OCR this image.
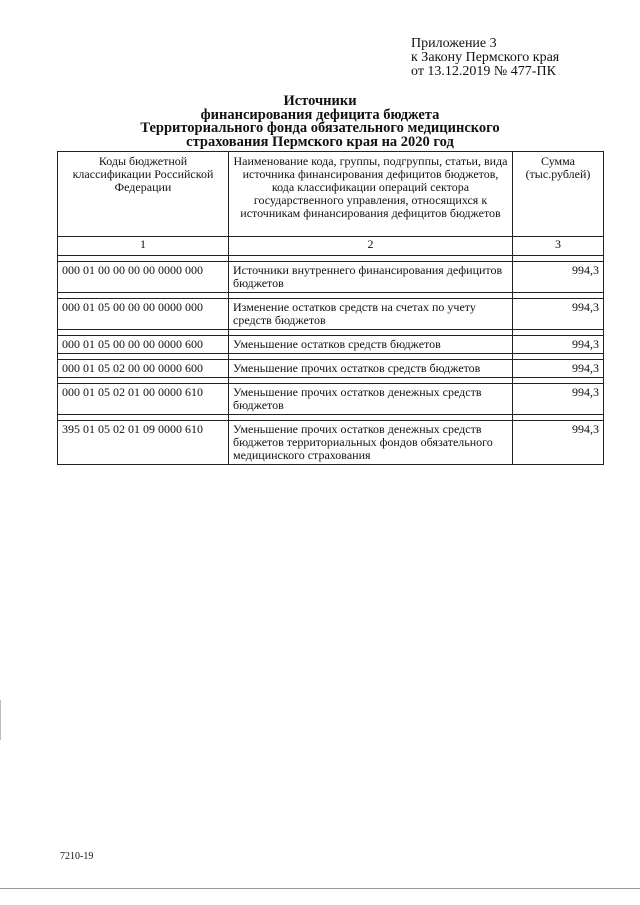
Приложение 3
к Закону Пермского края
от 13.12.2019 № 477-ПК
Источники
финансирования дефицита бюджета
Территориального фонда обязательного медицинского
страхования Пермского края на 2020 год
Коды бюджетной классификации Российской Федерации	Наименование кода, группы, подгруппы, статьи, вида источника финансирования дефицитов бюджетов, кода классификации операций сектора государственного управления, относящихся к источникам финансирования дефицитов бюджетов	Сумма (тыс.рублей)
1	2	3

000 01 00 00 00 00 0000 000	Источники внутреннего финансирования дефицитов бюджетов	994,3

000 01 05 00 00 00 0000 000	Изменение остатков средств на счетах по учету средств бюджетов	994,3

000 01 05 00 00 00 0000 600	Уменьшение остатков средств бюджетов	994,3

000 01 05 02 00 00 0000 600	Уменьшение прочих остатков средств бюджетов	994,3

000 01 05 02 01 00 0000 610	Уменьшение прочих остатков денежных средств бюджетов	994,3

395 01 05 02 01 09 0000 610	Уменьшение прочих остатков денежных средств бюджетов территориальных фондов обязательного медицинского страхования	994,3
7210-19
